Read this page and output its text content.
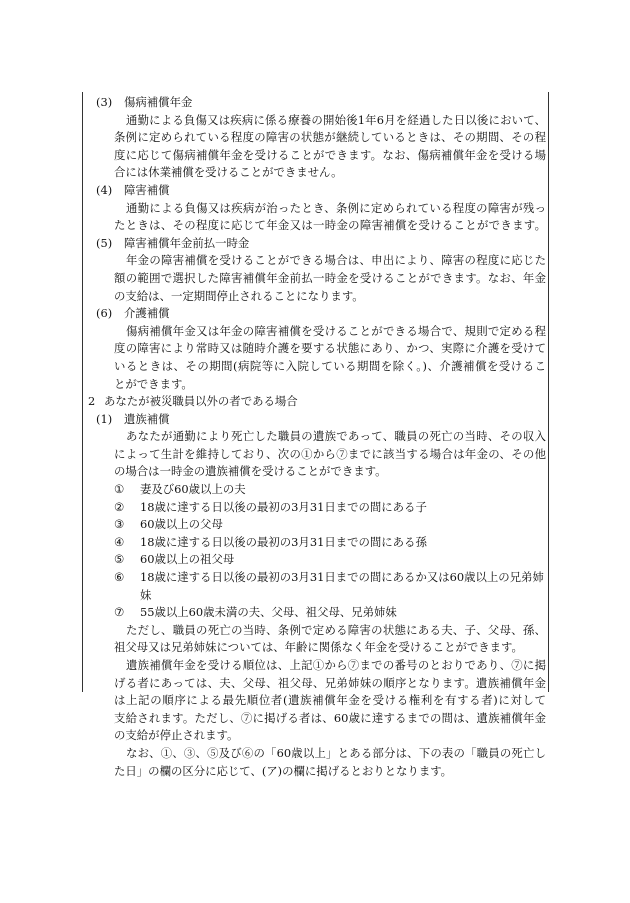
(3) 傷病補償年金
通勤による負傷又は疾病に係る療養の開始後1年6月を経過した日以後において、
条例に定められている程度の障害の状態が継続しているときは、その期間、その程
度に応じて傷病補償年金を受けることができます。なお、傷病補償年金を受ける場
合には休業補償を受けることができません。
(4) 障害補償
通勤による負傷又は疾病が治ったとき、条例に定められている程度の障害が残っ
たときは、その程度に応じて年金又は一時金の障害補償を受けることができます。
(5) 障害補償年金前払一時金
年金の障害補償を受けることができる場合は、申出により、障害の程度に応じた
額の範囲で選択した障害補償年金前払一時金を受けることができます。なお、年金
の支給は、一定期間停止されることになります。
(6) 介護補償
傷病補償年金又は年金の障害補償を受けることができる場合で、規則で定める程
度の障害により常時又は随時介護を要する状態にあり、かつ、実際に介護を受けて
いるときは、その期間(病院等に入院している期間を除く。)、介護補償を受けるこ
とができます。
2 あなたが被災職員以外の者である場合
(1) 遺族補償
あなたが通勤により死亡した職員の遺族であって、職員の死亡の当時、その収入
によって生計を維持しており、次の①から⑦までに該当する場合は年金の、その他
の場合は一時金の遺族補償を受けることができます。
① 妻及び60歳以上の夫
② 18歳に達する日以後の最初の3月31日までの間にある子
③ 60歳以上の父母
④ 18歳に達する日以後の最初の3月31日までの間にある孫
⑤ 60歳以上の祖父母
⑥ 18歳に達する日以後の最初の3月31日までの間にあるか又は60歳以上の兄弟姉
妹
⑦ 55歳以上60歳未満の夫、父母、祖父母、兄弟姉妹
ただし、職員の死亡の当時、条例で定める障害の状態にある夫、子、父母、孫、
祖父母又は兄弟姉妹については、年齢に関係なく年金を受けることができます。
遺族補償年金を受ける順位は、上記①から⑦までの番号のとおりであり、⑦に掲
げる者にあっては、夫、父母、祖父母、兄弟姉妹の順序となります。遺族補償年金
は上記の順序による最先順位者(遺族補償年金を受ける権利を有する者)に対して
支給されます。ただし、⑦に掲げる者は、60歳に達するまでの間は、遺族補償年金
の支給が停止されます。
なお、①、③、⑤及び⑥の「60歳以上」とある部分は、下の表の「職員の死亡し
た日」の欄の区分に応じて、(ア)の欄に掲げるとおりとなります。
